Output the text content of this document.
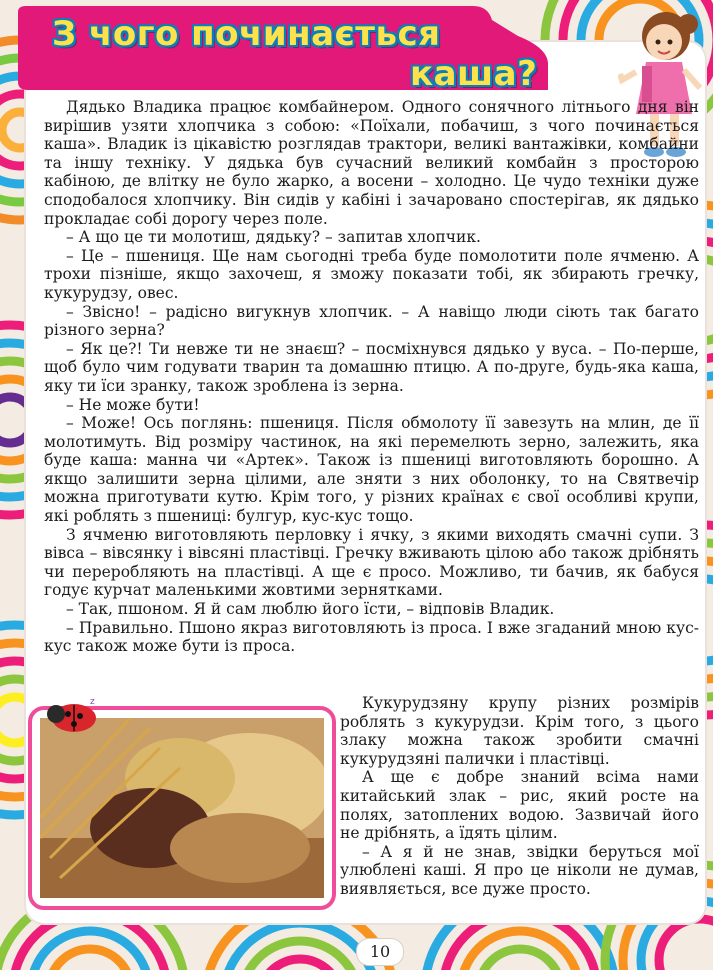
З чого починається
каша?

Дядько Владика працює комбайнером. Одного сонячного літнього дня він вирішив узяти хлопчика з собою: «Поїхали, побачиш, з чого починається каша». Владик із цікавістю розглядав трактори, великі вантажівки, комбайни та іншу техніку. У дядька був сучасний великий комбайн з просторою кабіною, де влітку не було жарко, а восени – холодно. Це чудо техніки дуже сподобалося хлопчику. Він сидів у кабіні і зачаровано спостерігав, як дядько прокладає собі дорогу через поле.

– А що це ти молотиш, дядьку? – запитав хлопчик.

– Це – пшениця. Ще нам сьогодні треба буде помолотити поле ячменю. А трохи пізніше, якщо захочеш, я зможу показати тобі, як збирають гречку, кукурудзу, овес.

– Звісно! – радісно вигукнув хлопчик. – А навіщо люди сіють так багато різного зерна?

– Як це?! Ти невже ти не знаєш? – посміхнувся дядько у вуса. – По-перше, щоб було чим годувати тварин та домашню птицю. А по-друге, будь-яка каша, яку ти їси зранку, також зроблена із зерна.

– Не може бути!

– Може! Ось поглянь: пшениця. Після обмолоту її завезуть на млин, де її молотимуть. Від розміру частинок, на які перемелють зерно, залежить, яка буде каша: манна чи «Артек». Також із пшениці виготовляють борошно. А якщо залишити зерна цілими, але зняти з них оболонку, то на Святвечір можна приготувати кутю. Крім того, у різних країнах є свої особливі крупи, які роблять з пшениці: булгур, кус-кус тощо.

З ячменю виготовляють перловку і ячку, з якими виходять смачні супи. З вівса – вівсянку і вівсяні пластівці. Гречку вживають цілою або також дрібнять чи переробляють на пластівці. А ще є просо. Можливо, ти бачив, як бабуся годує курчат маленькими жовтими зернятками.

– Так, пшоном. Я й сам люблю його їсти, – відповів Владик.

– Правильно. Пшоно якраз виготовляють із проса. І вже згаданий мною кус-кус також може бути із проса.

Кукурудзяну крупу різних розмірів роблять з кукурудзи. Крім того, з цього злаку можна також зробити смачні кукурудзяні палички і пластівці.

А ще є добре знаний всіма нами китайський злак – рис, який росте на полях, затоплених водою. Зазвичай його не дрібнять, а їдять цілим.

– А я й не знав, звідки беруться мої улюблені каші. Я про це ніколи не думав, виявляється, все дуже просто.

z
10
